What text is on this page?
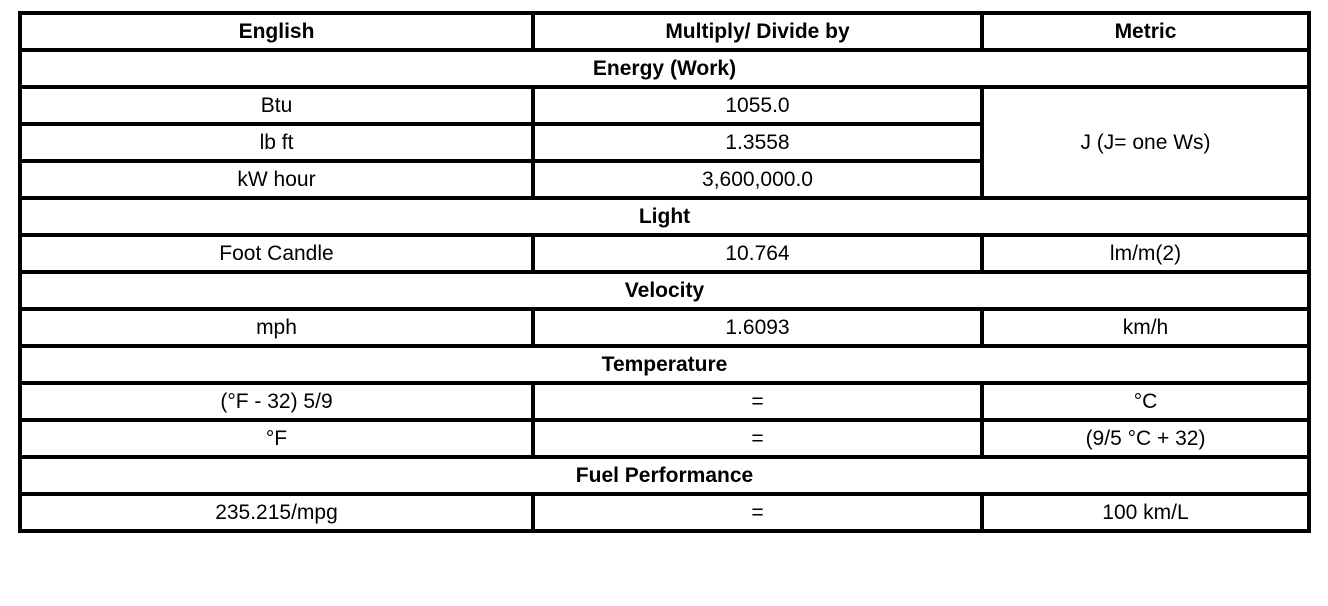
English	Multiply/ Divide by	Metric
Energy (Work)		
Btu	1055.0	J (J= one Ws)
lb ft	1.3558	
kW hour	3,600,000.0	
Light		
Foot Candle	10.764	lm/m(2)
Velocity		
mph	1.6093	km/h
Temperature		
(°F - 32) 5/9	=	°C
°F	=	(9/5 °C + 32)
Fuel Performance		
235.215/mpg	=	100 km/L
